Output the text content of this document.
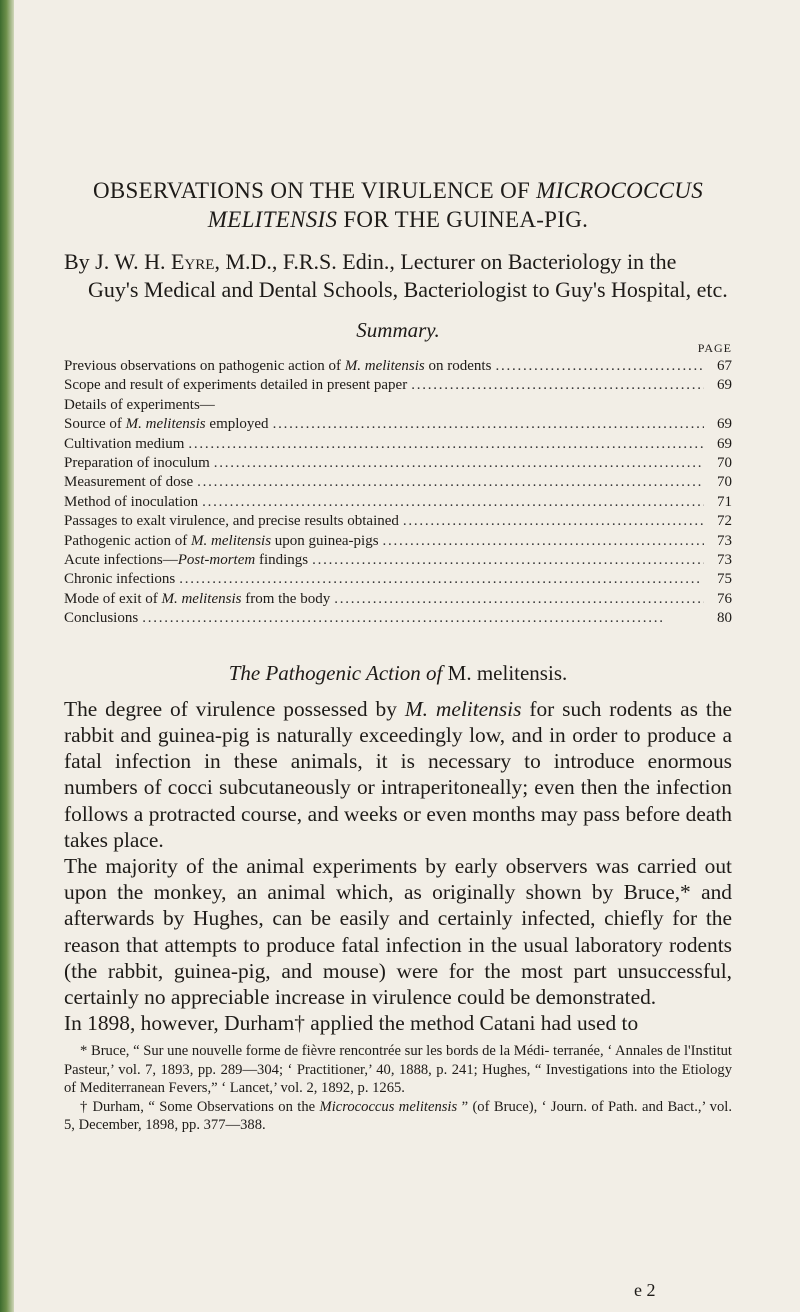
OBSERVATIONS ON THE VIRULENCE OF MICROCOCCUS
MELITENSIS FOR THE GUINEA-PIG.

By J. W. H. Eyre, M.D., F.R.S. Edin., Lecturer on Bacteriology in the Guy's Medical and Dental Schools, Bacteriologist to Guy's Hospital, etc.

Summary.
PAGE
Previous observations on pathogenic action of M. melitensis on rodents . . .	67
Scope and result of experiments detailed in present paper . . .	69
Details of experiments—
Source of M. melitensis employed . . .	69
Cultivation medium . . .	69
Preparation of inoculum . . .	70
Measurement of dose . . .	70
Method of inoculation . . .	71
Passages to exalt virulence, and precise results obtained . . .	72
Pathogenic action of M. melitensis upon guinea-pigs . . .	73
Acute infections—Post-mortem findings . . .	73
Chronic infections . . .	75
Mode of exit of M. melitensis from the body . . .	76
Conclusions . . .	80
The Pathogenic Action of M. melitensis.

The degree of virulence possessed by M. melitensis for such rodents as the rabbit and guinea-pig is naturally exceedingly low, and in order to produce a fatal infection in these animals, it is necessary to introduce enormous numbers of cocci subcutaneously or intraperitoneally; even then the infection follows a protracted course, and weeks or even months may pass before death takes place.

The majority of the animal experiments by early observers was carried out upon the monkey, an animal which, as originally shown by Bruce,* and afterwards by Hughes, can be easily and certainly infected, chiefly for the reason that attempts to produce fatal infection in the usual laboratory rodents (the rabbit, guinea-pig, and mouse) were for the most part unsuccessful, certainly no appreciable increase in virulence could be demonstrated.

In 1898, however, Durham† applied the method Catani had used to

* Bruce, “ Sur une nouvelle forme de fièvre rencontrée sur les bords de la Médi- terranée, ‘ Annales de l'Institut Pasteur,’ vol. 7, 1893, pp. 289—304; ‘ Practitioner,’ 40, 1888, p. 241; Hughes, “ Investigations into the Etiology of Mediterranean Fevers,” ‘ Lancet,’ vol. 2, 1892, p. 1265.

† Durham, “ Some Observations on the Micrococcus melitensis ” (of Bruce), ‘ Journ. of Path. and Bact.,’ vol. 5, December, 1898, pp. 377—388.

e 2
